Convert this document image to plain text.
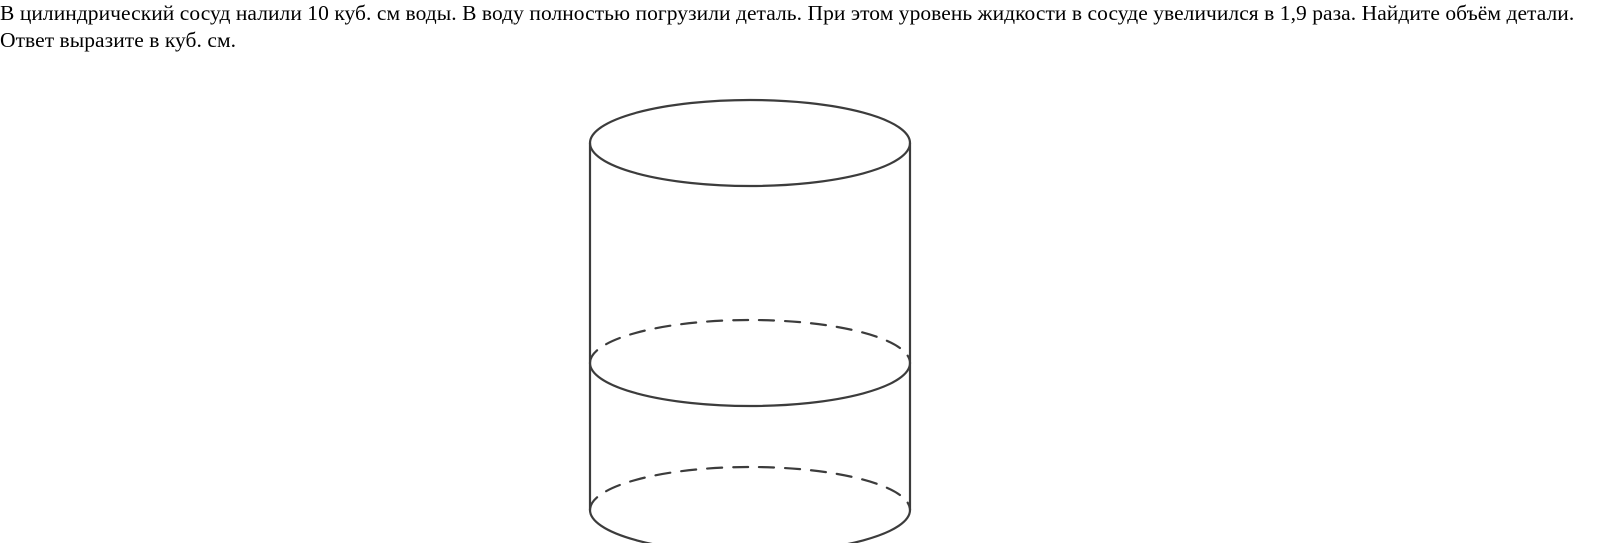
В цилиндрический сосуд налили 10 куб. см воды. В воду полностью погрузили деталь. При этом уровень жидкости в сосуде увеличился в 1,9 раза. Найдите объём детали. Ответ выразите в куб. см.
